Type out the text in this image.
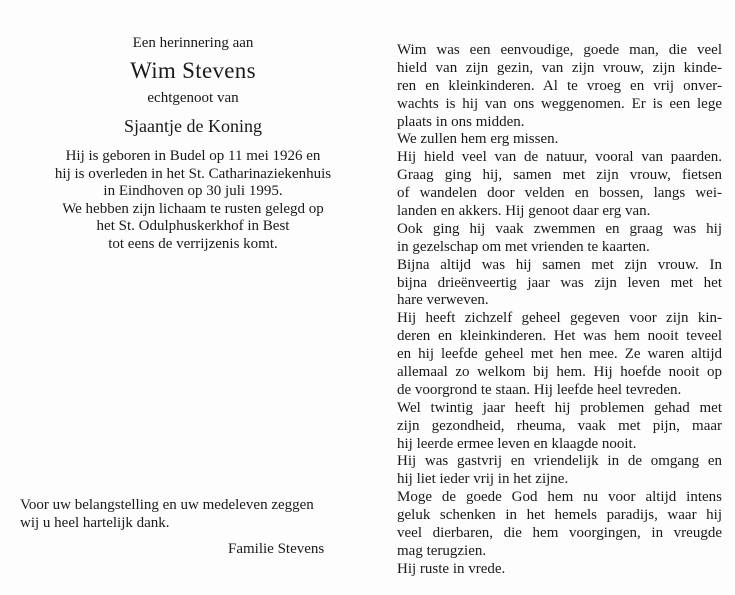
Een herinnering aan
Wim Stevens
echtgenoot van
Sjaantje de Koning
Hij is geboren in Budel op 11 mei 1926 en
hij is overleden in het St. Catharinaziekenhuis
in Eindhoven op 30 juli 1995.
We hebben zijn lichaam te rusten gelegd op
het St. Odulphuskerkhof in Best
tot eens de verrijzenis komt.
Voor uw belangstelling en uw medeleven zeggen
wij u heel hartelijk dank.
Familie Stevens
Wim was een eenvoudige, goede man, die veel
hield van zijn gezin, van zijn vrouw, zijn kinde-
ren en kleinkinderen. Al te vroeg en vrij onver-
wachts is hij van ons weggenomen. Er is een lege
plaats in ons midden.
We zullen hem erg missen.
Hij hield veel van de natuur, vooral van paarden.
Graag ging hij, samen met zijn vrouw, fietsen
of wandelen door velden en bossen, langs wei-
landen en akkers. Hij genoot daar erg van.
Ook ging hij vaak zwemmen en graag was hij
in gezelschap om met vrienden te kaarten.
Bijna altijd was hij samen met zijn vrouw. In
bijna drieënveertig jaar was zijn leven met het
hare verweven.
Hij heeft zichzelf geheel gegeven voor zijn kin-
deren en kleinkinderen. Het was hem nooit teveel
en hij leefde geheel met hen mee. Ze waren altijd
allemaal zo welkom bij hem. Hij hoefde nooit op
de voorgrond te staan. Hij leefde heel tevreden.
Wel twintig jaar heeft hij problemen gehad met
zijn gezondheid, rheuma, vaak met pijn, maar
hij leerde ermee leven en klaagde nooit.
Hij was gastvrij en vriendelijk in de omgang en
hij liet ieder vrij in het zijne.
Moge de goede God hem nu voor altijd intens
geluk schenken in het hemels paradijs, waar hij
veel dierbaren, die hem voorgingen, in vreugde
mag terugzien.
Hij ruste in vrede.
